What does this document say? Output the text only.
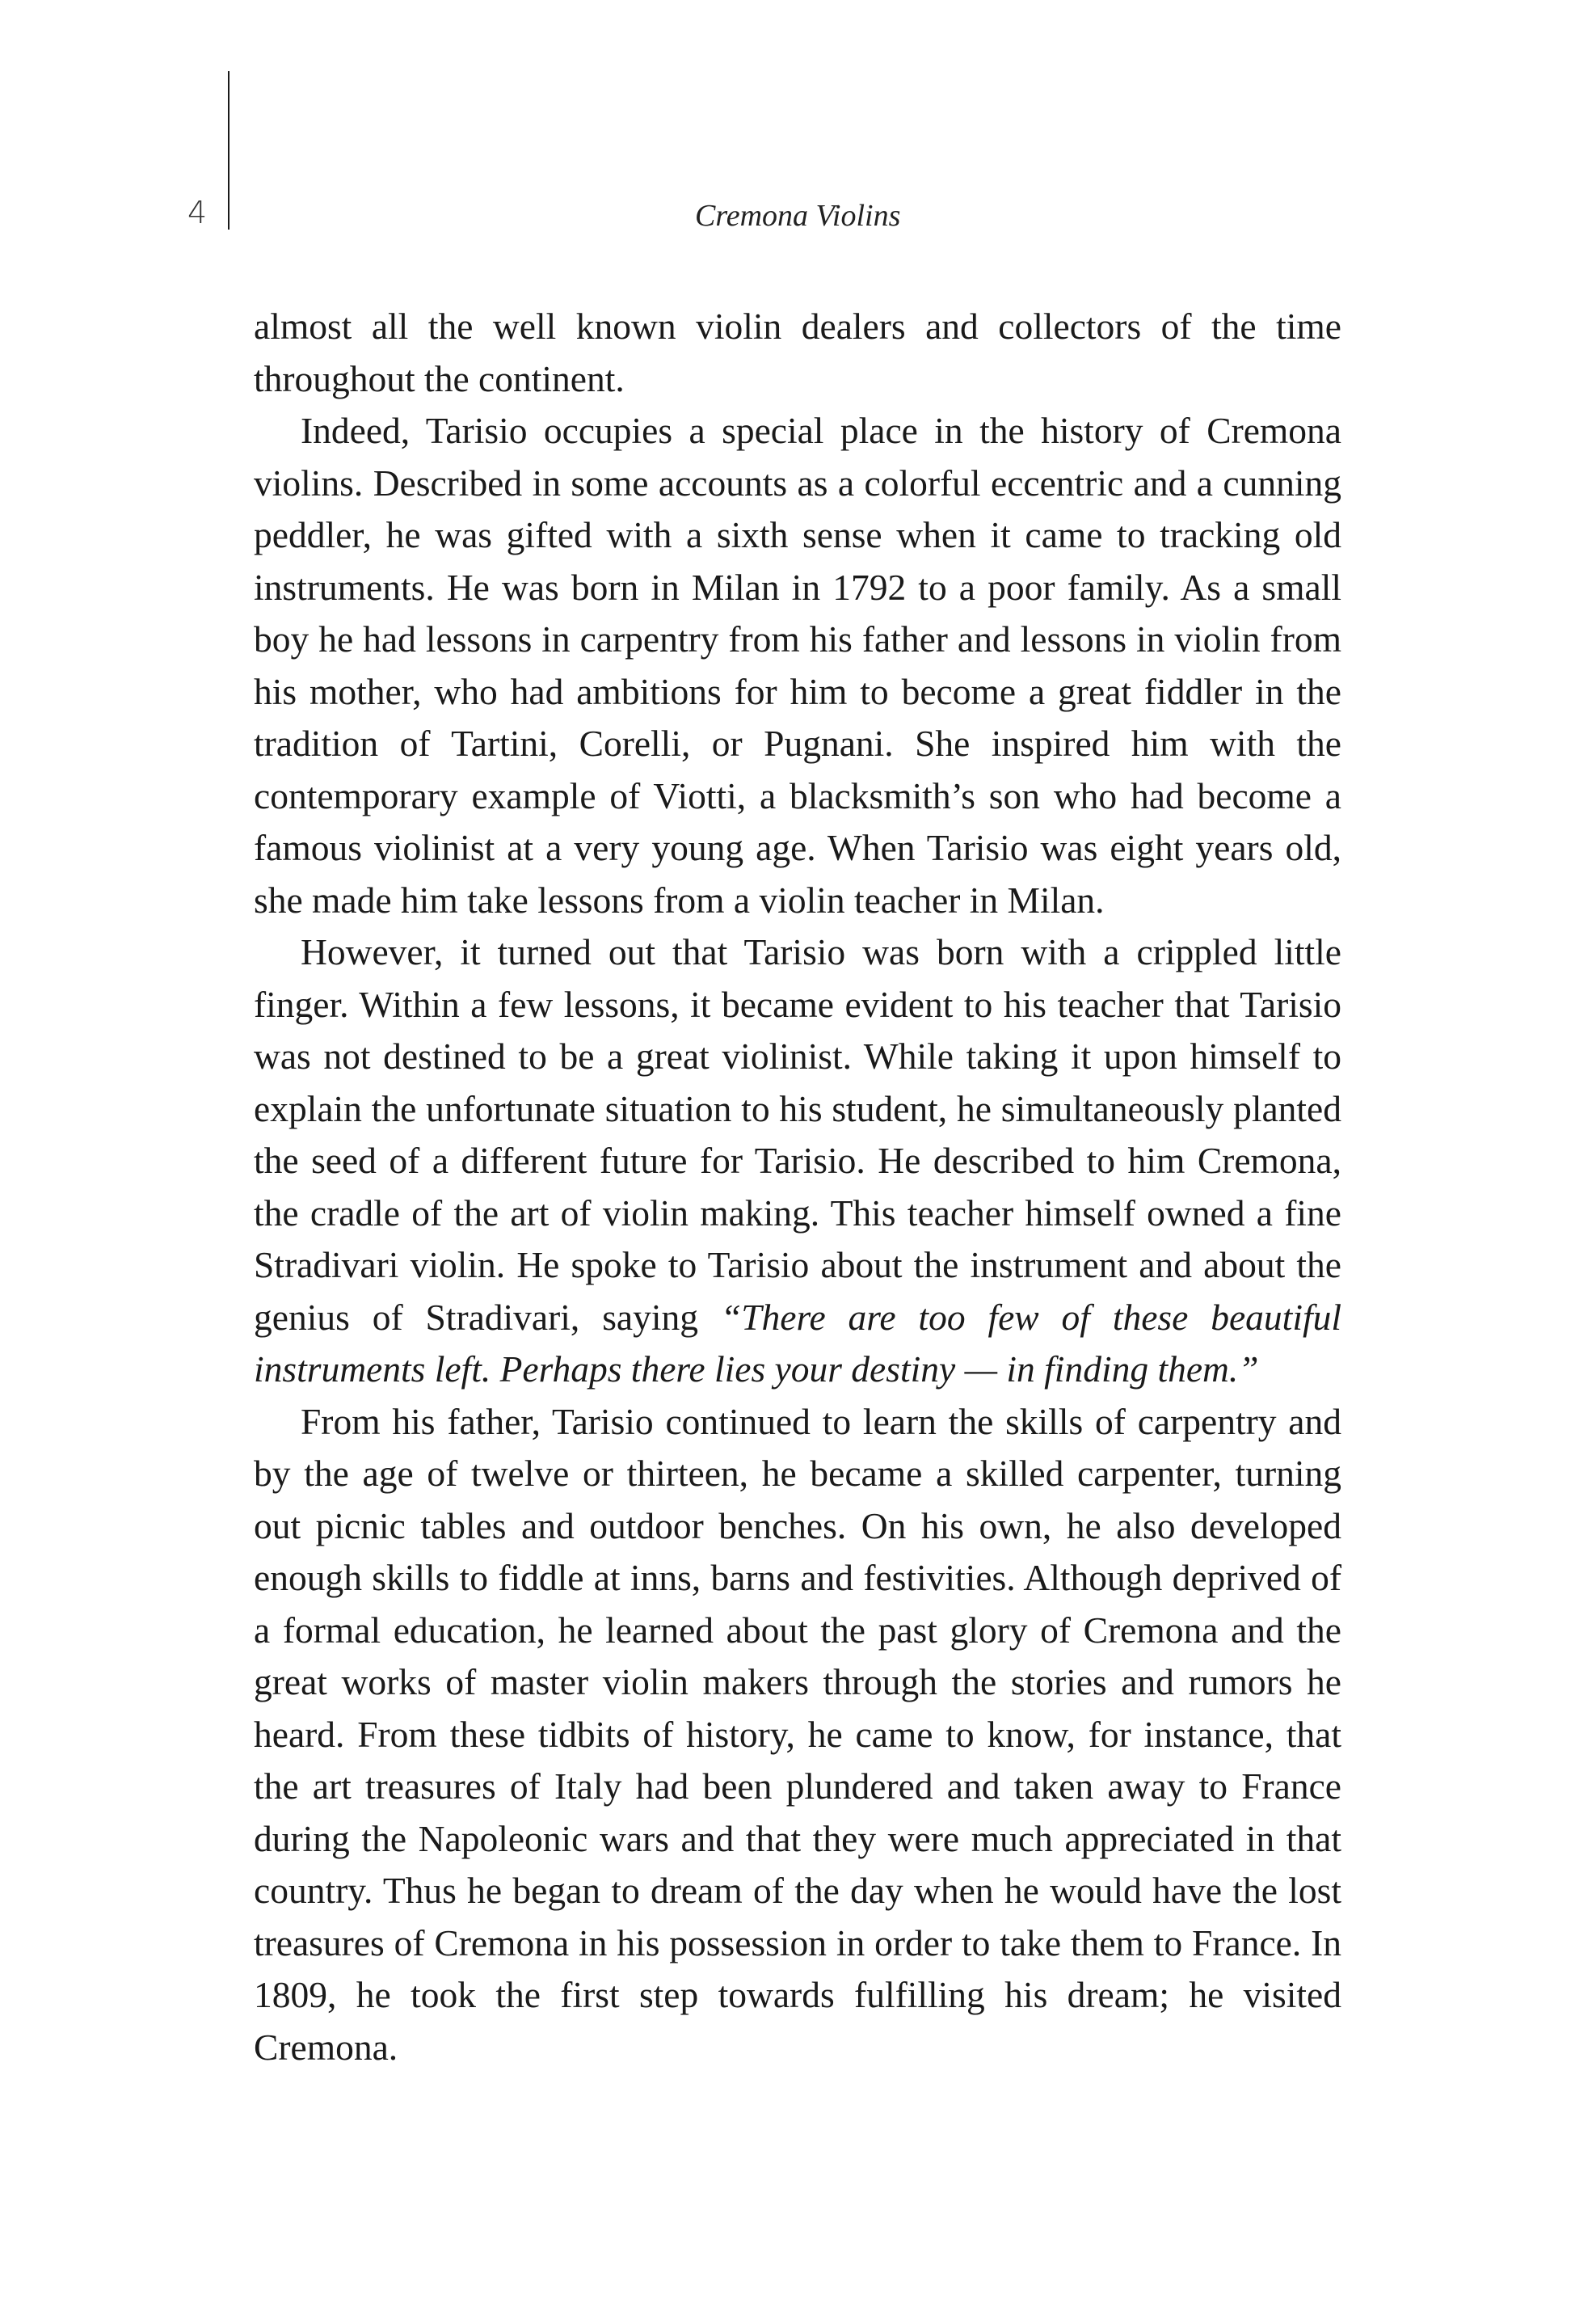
4	Cremona Violins

almost all the well known violin dealers and collectors of the time throughout the continent.

Indeed, Tarisio occupies a special place in the history of Cremona violins. Described in some accounts as a colorful eccentric and a cunning peddler, he was gifted with a sixth sense when it came to tracking old instruments. He was born in Milan in 1792 to a poor family. As a small boy he had lessons in carpentry from his father and lessons in violin from his mother, who had ambitions for him to become a great fiddler in the tradition of Tartini, Corelli, or Pugnani. She inspired him with the contemporary example of Viotti, a blacksmith’s son who had become a famous violinist at a very young age. When Tarisio was eight years old, she made him take lessons from a violin teacher in Milan.

However, it turned out that Tarisio was born with a crippled little finger. Within a few lessons, it became evident to his teacher that Tarisio was not destined to be a great violinist. While taking it upon himself to explain the unfortunate situation to his student, he simultaneously planted the seed of a different future for Tarisio. He described to him Cremona, the cradle of the art of violin making. This teacher himself owned a fine Stradivari violin. He spoke to Tarisio about the instrument and about the genius of Stradivari, saying “There are too few of these beautiful instruments left. Perhaps there lies your destiny — in finding them.”

From his father, Tarisio continued to learn the skills of carpentry and by the age of twelve or thirteen, he became a skilled carpenter, turning out picnic tables and outdoor benches. On his own, he also developed enough skills to fiddle at inns, barns and festivities. Although deprived of a formal education, he learned about the past glory of Cremona and the great works of master violin makers through the stories and rumors he heard. From these tidbits of history, he came to know, for instance, that the art treasures of Italy had been plundered and taken away to France during the Napoleonic wars and that they were much appreciated in that country. Thus he began to dream of the day when he would have the lost treasures of Cremona in his possession in order to take them to France. In 1809, he took the first step towards fulfilling his dream; he visited Cremona.
